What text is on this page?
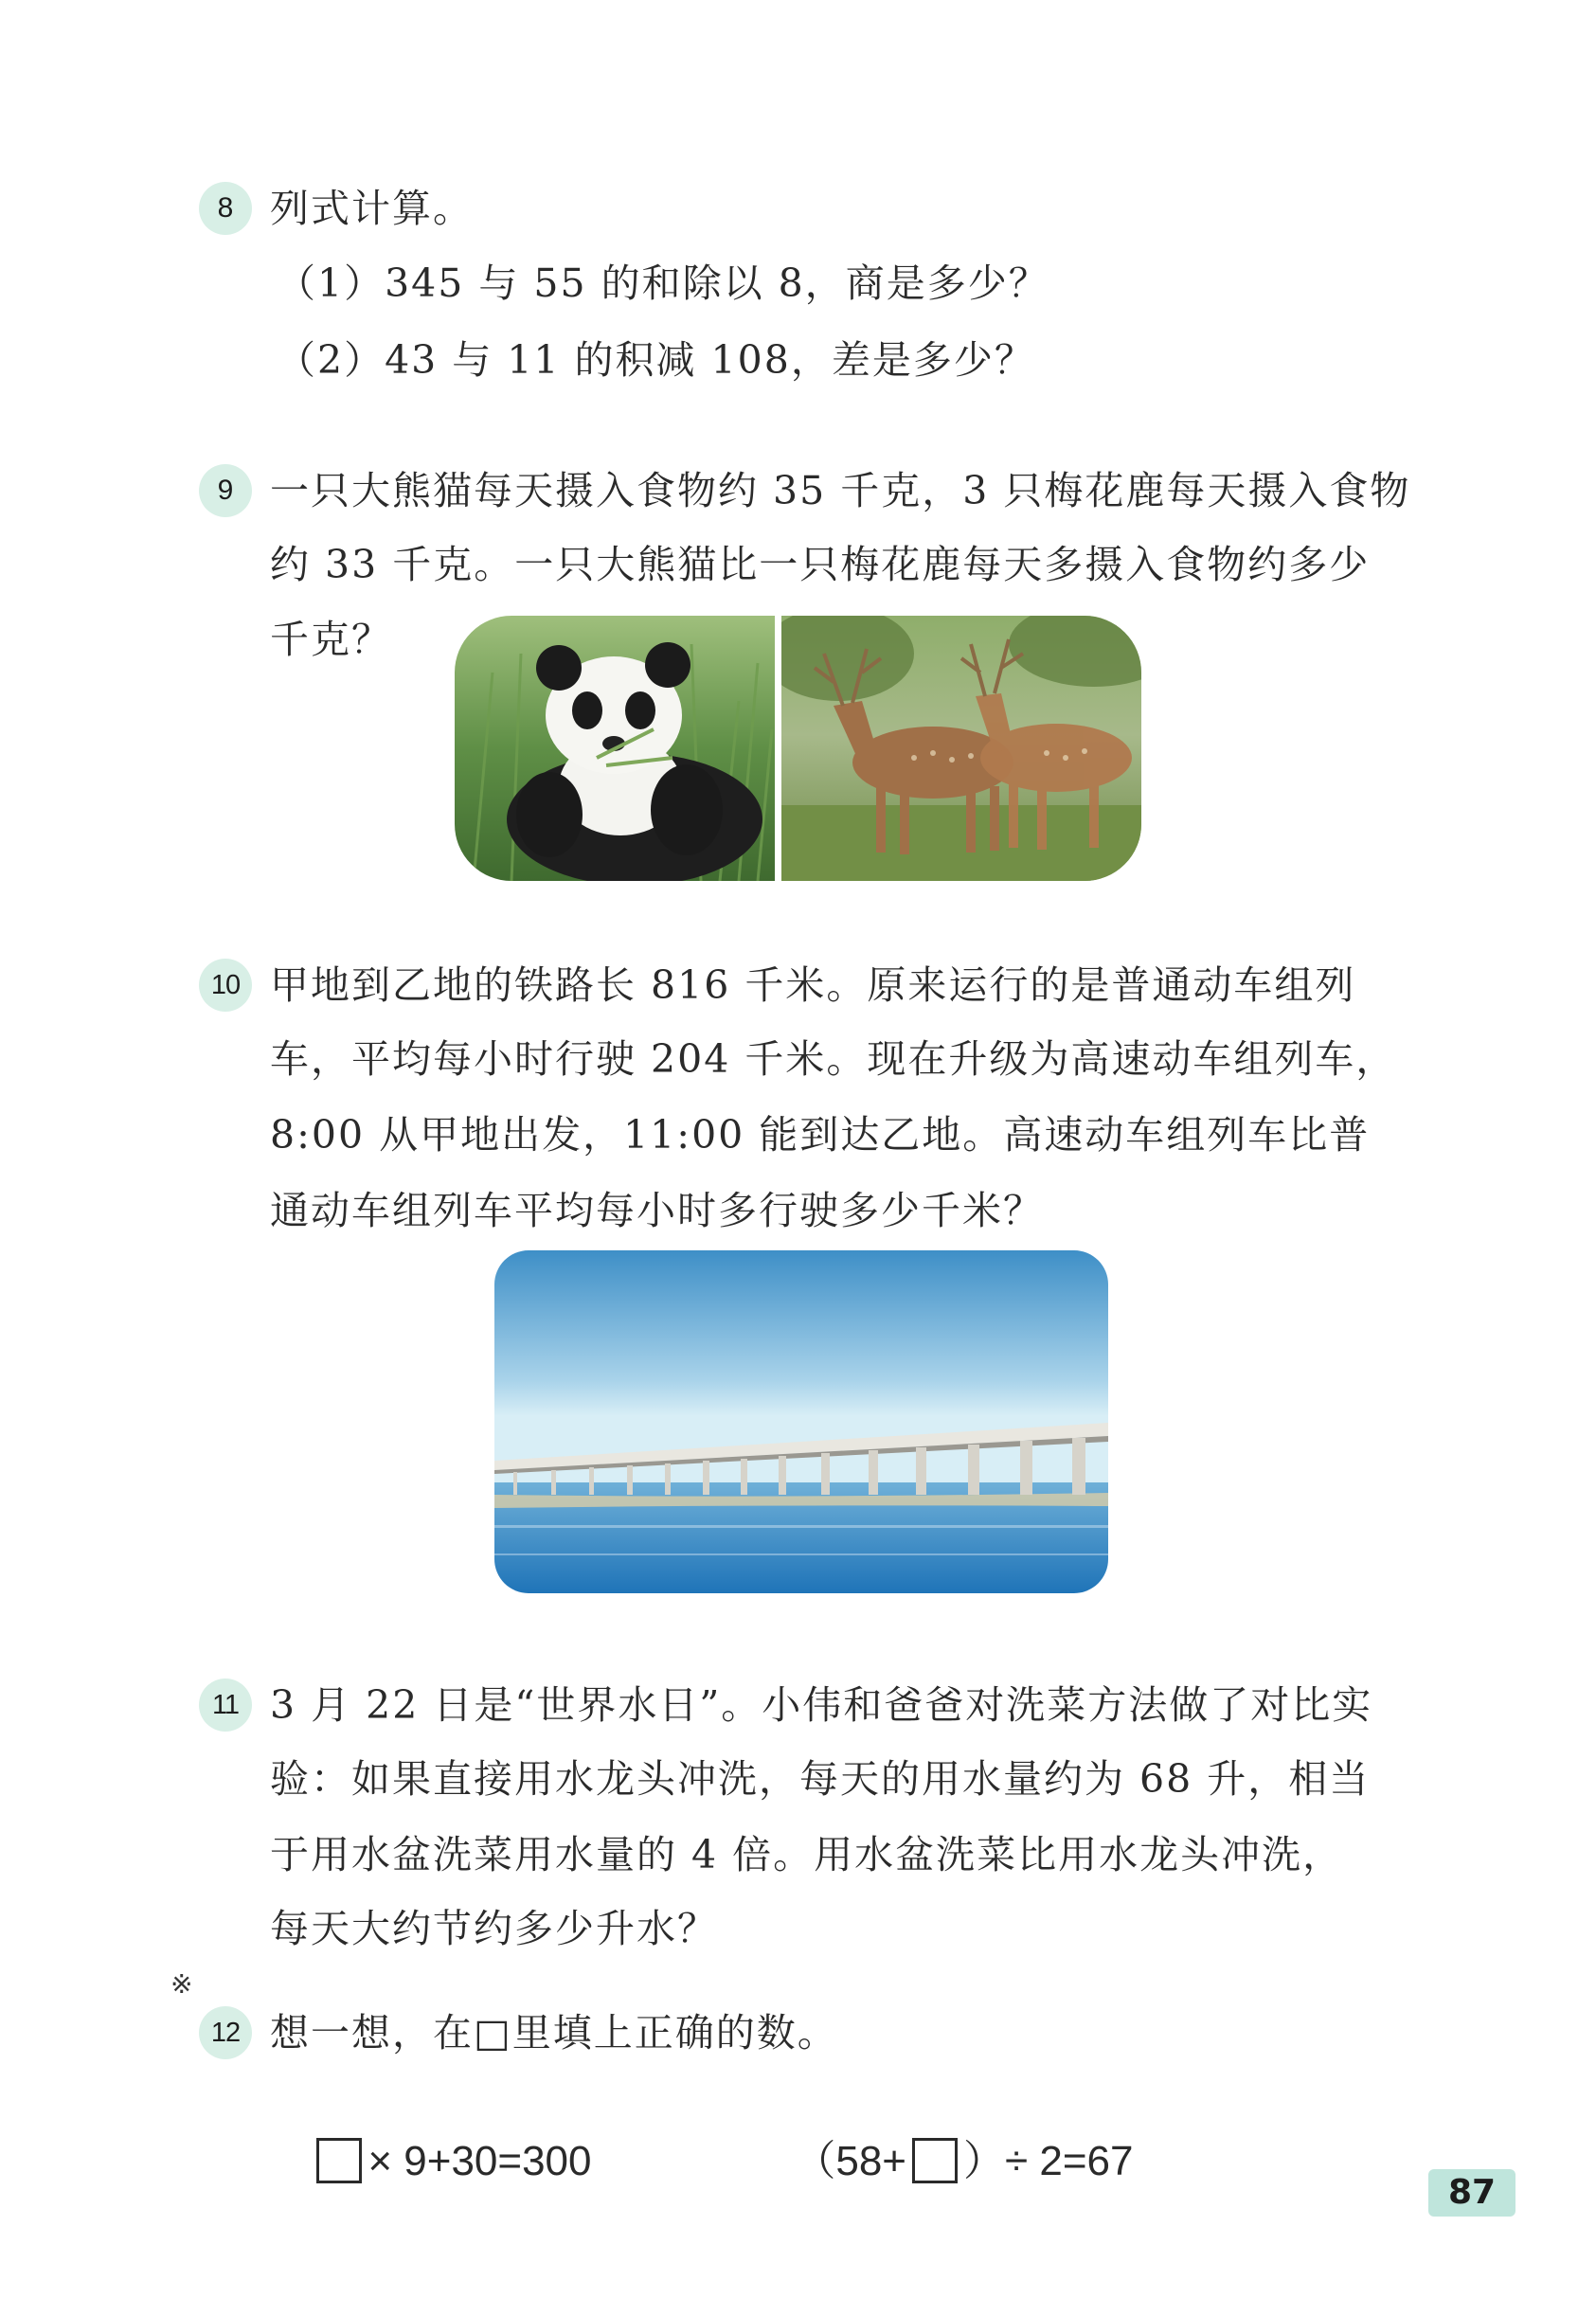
8 列式计算。
（1）345 与 55 的和除以 8，商是多少？
（2）43 与 11 的积减 108，差是多少？
9 一只大熊猫每天摄入食物约 35 千克，3 只梅花鹿每天摄入食物
约 33 千克。一只大熊猫比一只梅花鹿每天多摄入食物约多少
千克？
10 甲地到乙地的铁路长 816 千米。原来运行的是普通动车组列
车，平均每小时行驶 204 千米。现在升级为高速动车组列车，
8:00 从甲地出发，11:00 能到达乙地。高速动车组列车比普
通动车组列车平均每小时多行驶多少千米？
11 3 月 22 日是“世界水日”。小伟和爸爸对洗菜方法做了对比实
验：如果直接用水龙头冲洗，每天的用水量约为 68 升，相当
于用水盆洗菜用水量的 4 倍。用水盆洗菜比用水龙头冲洗，
每天大约节约多少升水？
※
12 想一想，在□里填上正确的数。

× 9+30=300
	（58+ ）÷ 2=67

87
